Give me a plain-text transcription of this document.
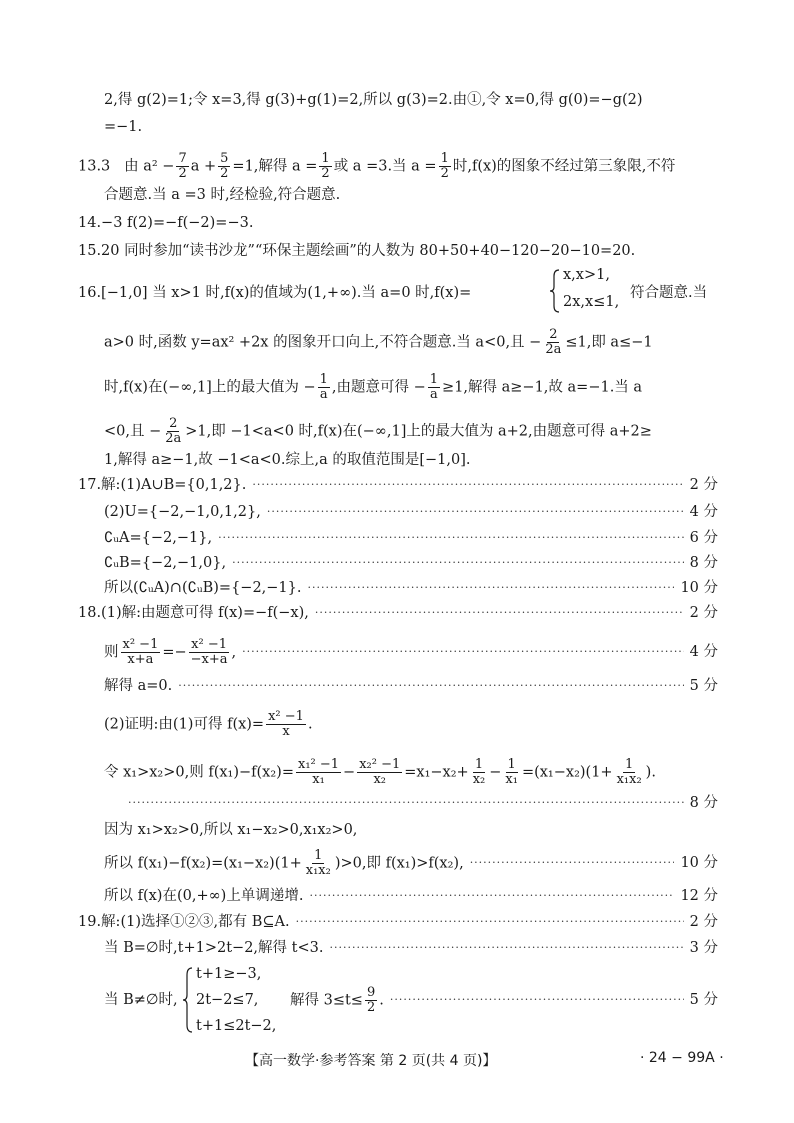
2,得 g(2)=1;令 x=3,得 g(3)+g(1)=2,所以 g(3)=2.由①,令 x=0,得 g(0)=−g(2)
=−1.
13.3 由 $a^2 - \frac{7}{2}$ $a + \frac{5}{2} =1$,解得 $a = \frac{1}{2}$ 或 a =3.当 $a = \frac{1}{2}$ 时,f(x)的图象不经过第三象限,不符
合题意.当 a =3 时,经检验,符合题意.
14.−3 f(2)=−f(−2)=−3.
15.20 同时参加“读书沙龙”“环保主题绘画”的人数为 80+50+40−120−20−10=20.
16.[−1,0] 当 x>1 时,f(x)的值域为(1,+∞).当 a=0 时,f(x)=
x,x>1,
2x,x≤1,
符合题意.当
a>0 时,函数 y=ax² +2x 的图象开口向上,不符合题意.当 a<0,且 − $\frac{2}{2a} \le 1$,即 a≤−1
时,f(x)在(−∞,1]上的最大值为 − $\frac{1}{a}$ ,由题意可得 − $\frac{1}{a} \ge 1$,解得 a≥−1,故 a=−1.当 a
<0,且 − $\frac{2}{2a} >1$,即 −1<a<0 时,f(x)在(−∞,1]上的最大值为 a+2,由题意可得 a+2≥
1,解得 a≥−1,故 −1<a<0.综上,a 的取值范围是[−1,0].
17.解:(1)A∪B={0,1,2}. ·····	2 分
(2)U={−2,−1,0,1,2}, ·····	4 分
∁ᵤA={−2,−1}, ·····	6 分
∁ᵤB={−2,−1,0}, ·····	8 分
所以(∁ᵤA)∩(∁ᵤB)={−2,−1}. ·····	10 分
18.(1)解:由题意可得 f(x)=−f(−x), ·····	2 分
则 $\frac{\text{x² −1}}{x+a} =- \frac{\text{x² −1}}{-x+a}$ , ·····	4 分
解得 a=0. ·····	5 分
(2)证明:由(1)可得 $f(x)= \frac{\text{x² −1}}{x}$ .
令 x₁>x₂>0,则 $f(x_1)-f(x_2)= \frac{\text{x₁² −1}}{\text{x₁}} - \frac{\text{x₂² −1}}{\text{x₂}} =x_1-x_2+ \frac{1}{\text{x₂}} - \frac{1}{\text{x₁}} =(x_1-x_2)(1+ \frac{1}{\text{x₁x₂}}$ ).
·····
8 分
因为 x₁>x₂>0,所以 x₁−x₂>0,x₁x₂>0,
所以 $f(x_1)-f(x_2)=(x_1-x_2)(1+ \frac{1}{\text{x₁x₂}} )>0$,即 f(x₁)>f(x₂), ·····	10 分
所以 f(x)在(0,+∞)上单调递增. ·····	12 分
19.解:(1)选择①②③,都有 B⊆A. ·····	2 分
当 B=∅时,t+1>2t−2,解得 t<3. ·····	3 分
当 B≠∅时,
t+1≥−3,
2t−2≤7,
t+1≤2t−2,
解得 $3\le t\le \frac{9}{2}$ . ·····	5 分
【高一数学·参考答案 第 2 页(共 4 页)】	· 24 − 99A ·
